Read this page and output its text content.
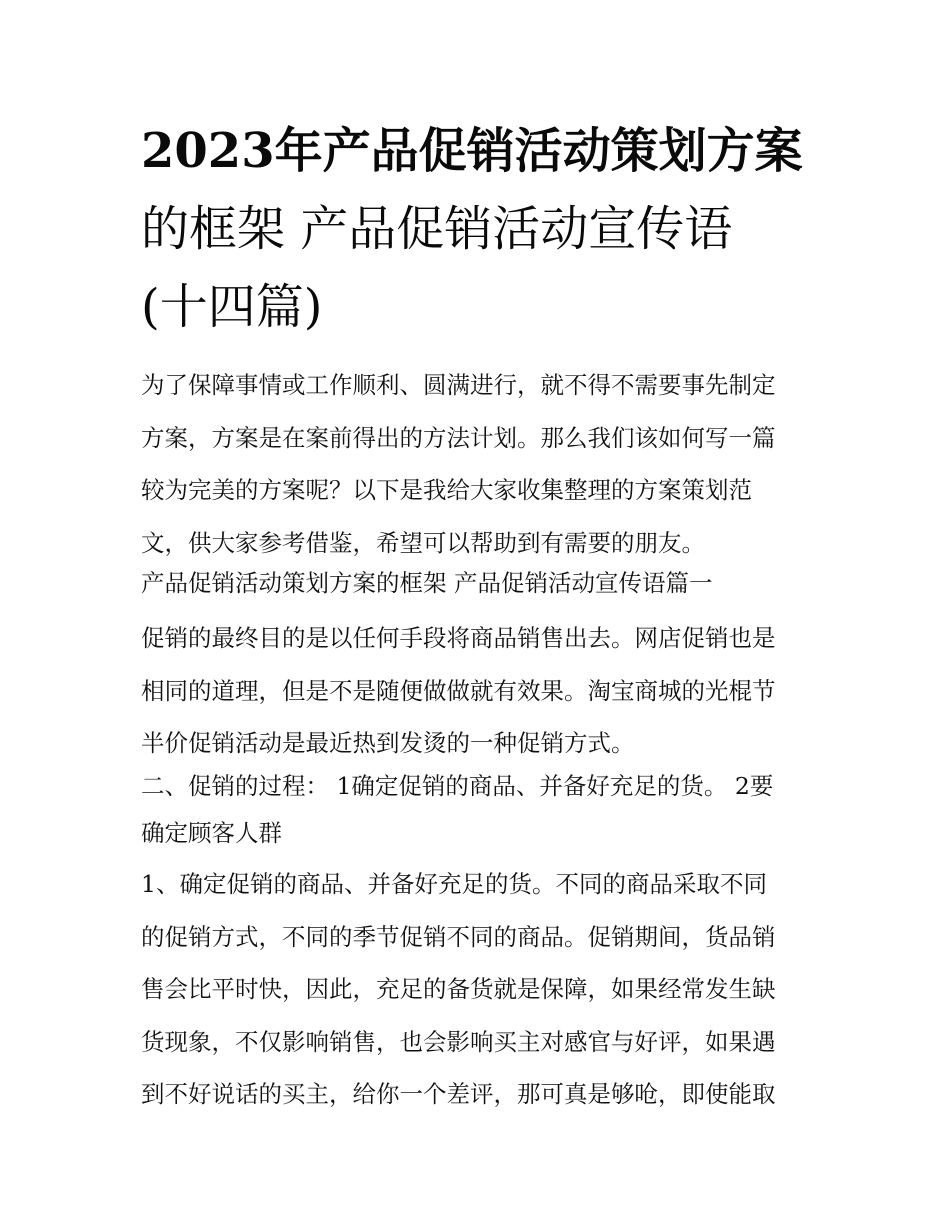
2023年产品促销活动策划方案
的框架 产品促销活动宣传语
(十四篇)

为了保障事情或工作顺利、圆满进行，就不得不需要事先制定
方案，方案是在案前得出的方法计划。那么我们该如何写一篇
较为完美的方案呢？以下是我给大家收集整理的方案策划范
文，供大家参考借鉴，希望可以帮助到有需要的朋友。

产品促销活动策划方案的框架 产品促销活动宣传语篇一

促销的最终目的是以任何手段将商品销售出去。网店促销也是
相同的道理，但是不是随便做做就有效果。淘宝商城的光棍节
半价促销活动是最近热到发烫的一种促销方式。

二、促销的过程： 1确定促销的商品、并备好充足的货。 2要
确定顾客人群

1、确定促销的商品、并备好充足的货。不同的商品采取不同
的促销方式，不同的季节促销不同的商品。促销期间，货品销
售会比平时快，因此，充足的备货就是保障，如果经常发生缺
货现象，不仅影响销售，也会影响买主对感官与好评，如果遇
到不好说话的买主，给你一个差评，那可真是够呛，即使能取
